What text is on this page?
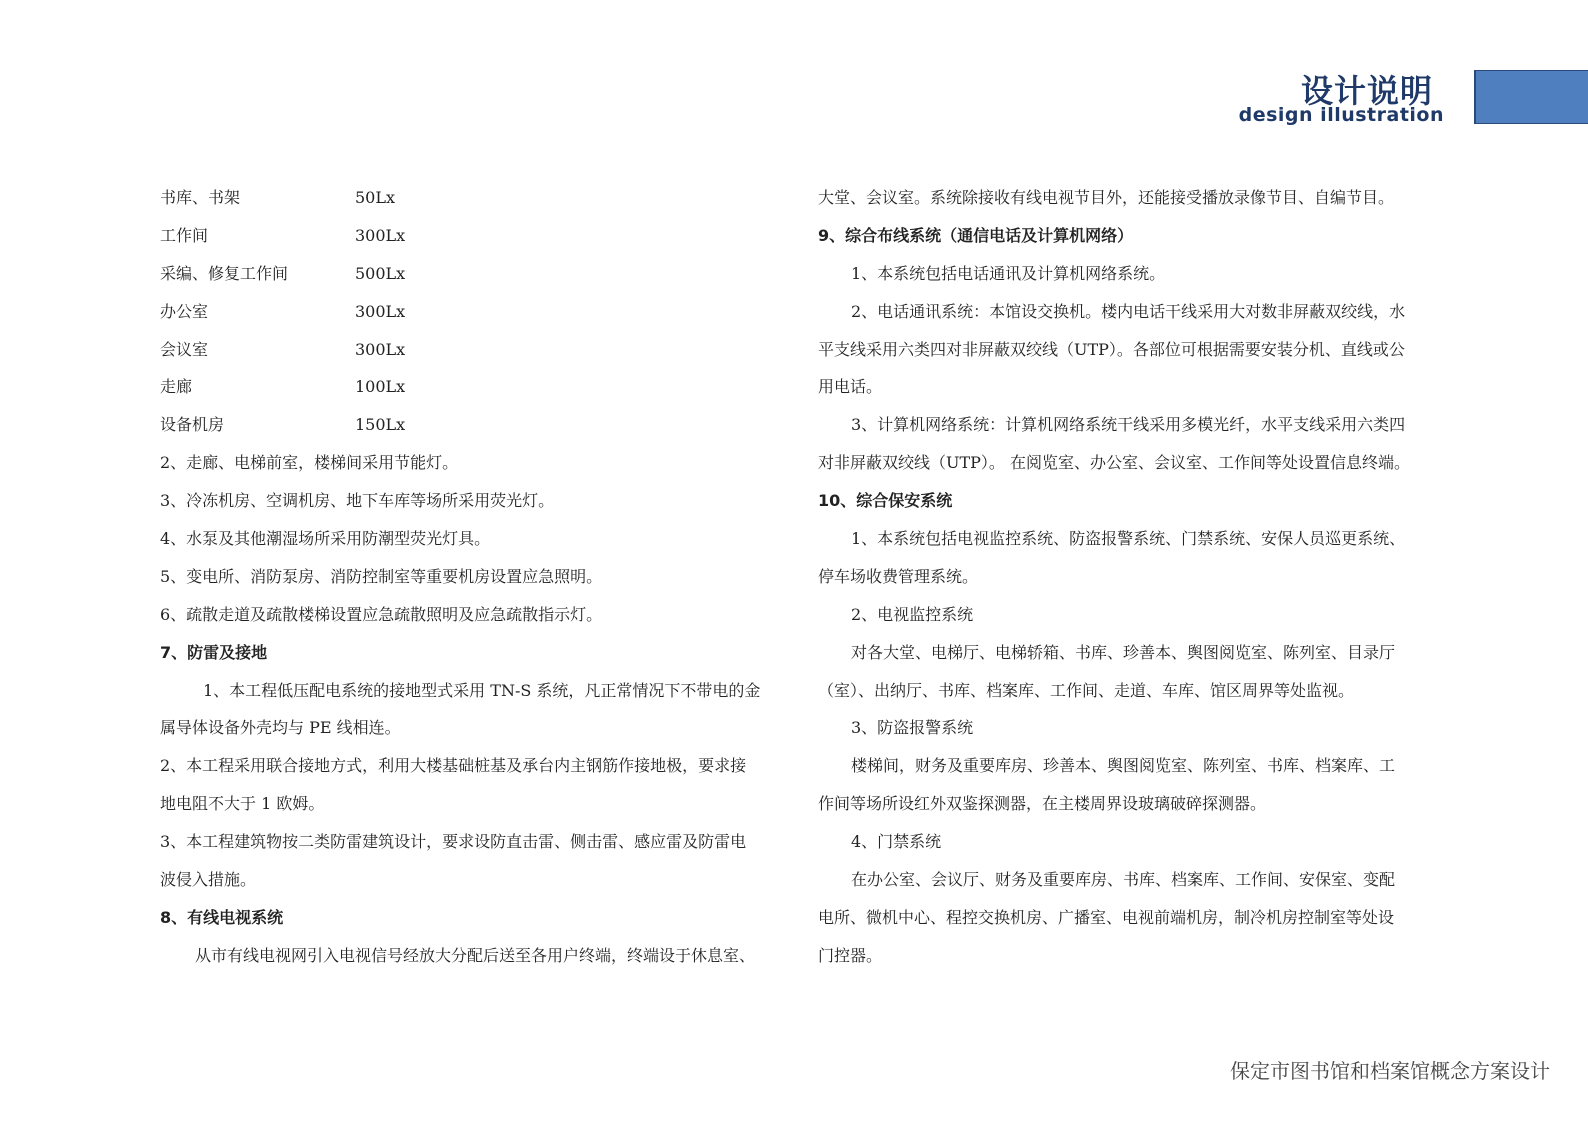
设计说明
design illustration
书库、书架	50Lx
工作间	300Lx
采编、修复工作间	500Lx
办公室	300Lx
会议室	300Lx
走廊	100Lx
设备机房	150Lx
2、走廊、电梯前室，楼梯间采用节能灯。
3、冷冻机房、空调机房、地下车库等场所采用荧光灯。
4、水泵及其他潮湿场所采用防潮型荧光灯具。
5、变电所、消防泵房、消防控制室等重要机房设置应急照明。
6、疏散走道及疏散楼梯设置应急疏散照明及应急疏散指示灯。
7、防雷及接地
1、本工程低压配电系统的接地型式采用 TN-S 系统，凡正常情况下不带电的金
属导体设备外壳均与 PE 线相连。
2、本工程采用联合接地方式，利用大楼基础桩基及承台内主钢筋作接地极，要求接
地电阻不大于 1 欧姆。
3、本工程建筑物按二类防雷建筑设计，要求设防直击雷、侧击雷、感应雷及防雷电
波侵入措施。
8、有线电视系统
从市有线电视网引入电视信号经放大分配后送至各用户终端，终端设于休息室、
大堂、会议室。系统除接收有线电视节目外，还能接受播放录像节目、自编节目。
9、综合布线系统（通信电话及计算机网络）
1、本系统包括电话通讯及计算机网络系统。
2、电话通讯系统：本馆设交换机。楼内电话干线采用大对数非屏蔽双绞线，水
平支线采用六类四对非屏蔽双绞线（UTP）。各部位可根据需要安装分机、直线或公
用电话。
3、计算机网络系统：计算机网络系统干线采用多模光纤，水平支线采用六类四
对非屏蔽双绞线（UTP）。 在阅览室、办公室、会议室、工作间等处设置信息终端。
10、综合保安系统
1、本系统包括电视监控系统、防盗报警系统、门禁系统、安保人员巡更系统、
停车场收费管理系统。
2、电视监控系统
对各大堂、电梯厅、电梯轿箱、书库、珍善本、舆图阅览室、陈列室、目录厅
（室）、出纳厅、书库、档案库、工作间、走道、车库、馆区周界等处监视。
3、防盗报警系统
楼梯间，财务及重要库房、珍善本、舆图阅览室、陈列室、书库、档案库、工
作间等场所设红外双鉴探测器，在主楼周界设玻璃破碎探测器。
4、门禁系统
在办公室、会议厅、财务及重要库房、书库、档案库、工作间、安保室、变配
电所、微机中心、程控交换机房、广播室、电视前端机房，制冷机房控制室等处设
门控器。
保定市图书馆和档案馆概念方案设计
